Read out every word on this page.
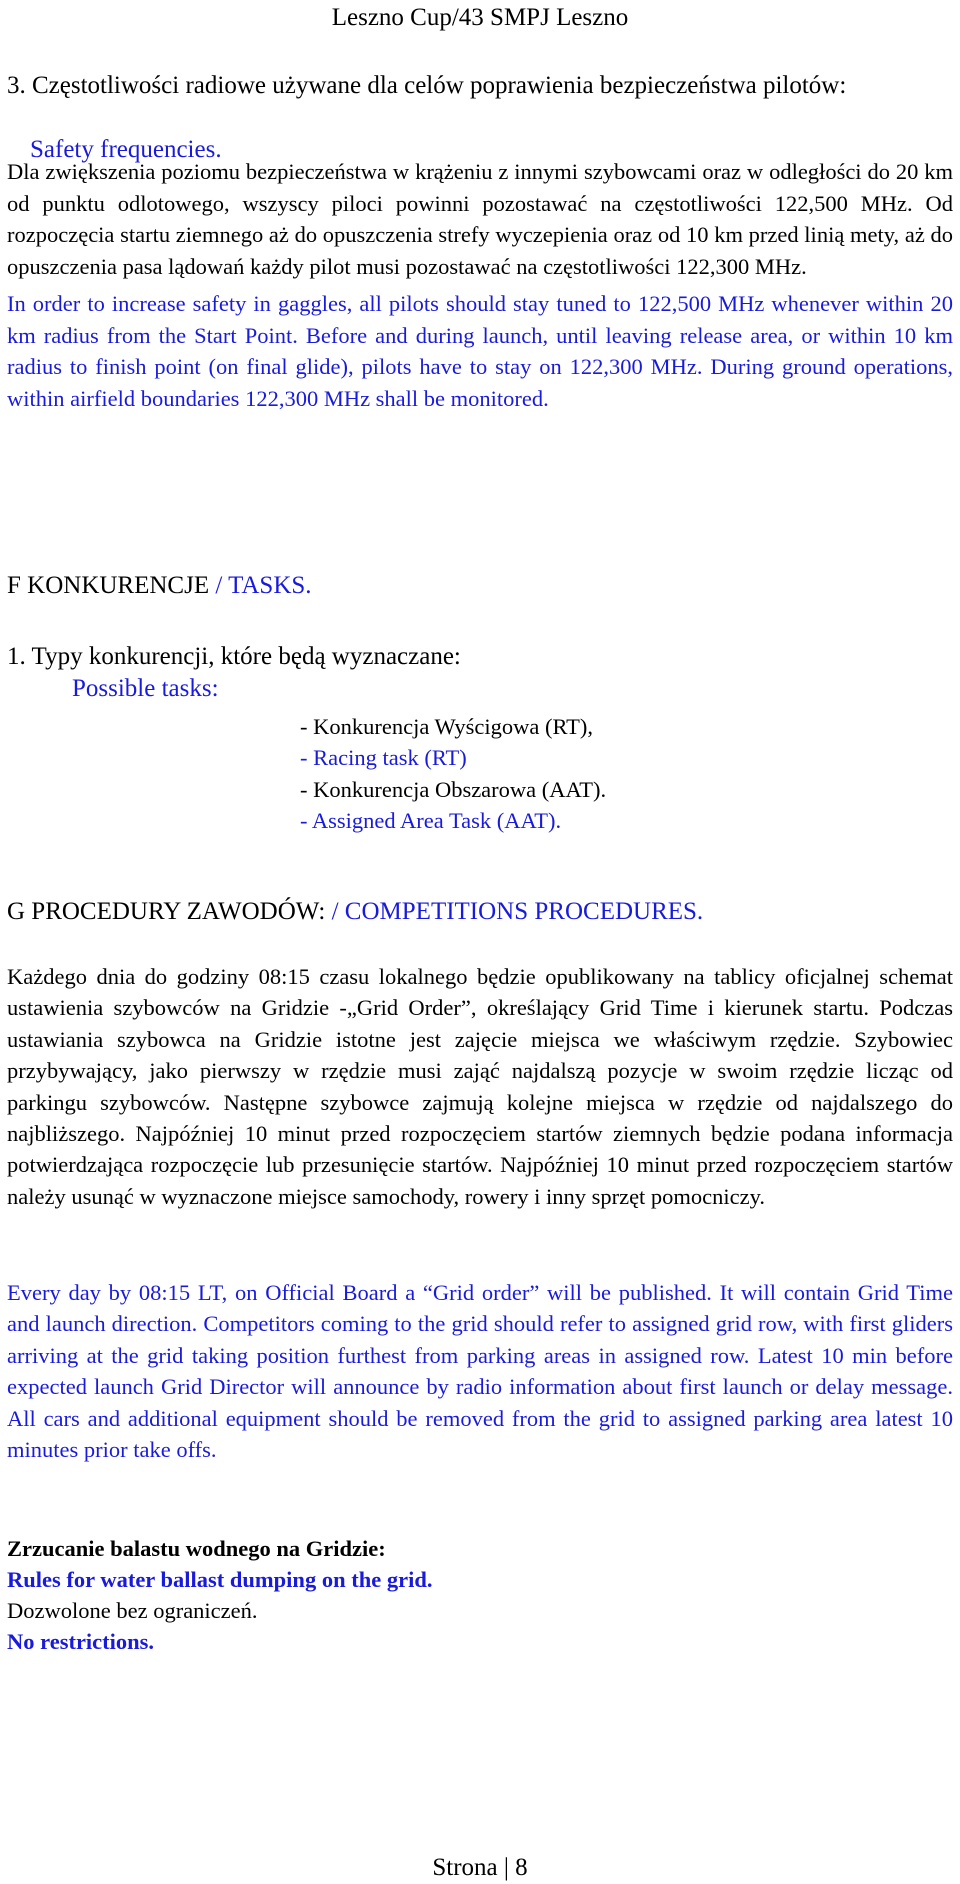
Leszno Cup/43 SMPJ Leszno
3. Częstotliwości radiowe używane dla celów poprawienia bezpieczeństwa pilotów:
Safety frequencies.
Dla zwiększenia poziomu bezpieczeństwa w krążeniu z innymi szybowcami oraz w odległości do 20 km od punktu odlotowego, wszyscy piloci powinni pozostawać na częstotliwości 122,500 MHz. Od rozpoczęcia startu ziemnego aż do opuszczenia strefy wyczepienia oraz od 10 km przed linią mety, aż do opuszczenia pasa lądowań każdy pilot musi pozostawać na częstotliwości 122,300 MHz.
In order to increase safety in gaggles, all pilots should stay tuned to 122,500 MHz whenever within 20 km radius from the Start Point. Before and during launch, until leaving release area, or within 10 km radius to finish point (on final glide), pilots have to stay on 122,300 MHz. During ground operations, within airfield boundaries 122,300 MHz shall be monitored.
F KONKURENCJE / TASKS.
1. Typy konkurencji, które będą wyznaczane:
Possible tasks:
- Konkurencja Wyścigowa (RT),
- Racing task (RT)
- Konkurencja Obszarowa (AAT).
- Assigned Area Task (AAT).
G PROCEDURY ZAWODÓW: / COMPETITIONS PROCEDURES.
Każdego dnia do godziny 08:15 czasu lokalnego będzie opublikowany na tablicy oficjalnej schemat ustawienia szybowców na Gridzie -„Grid Order”, określający Grid Time i kierunek startu. Podczas ustawiania szybowca na Gridzie istotne jest zajęcie miejsca we właściwym rzędzie. Szybowiec przybywający, jako pierwszy w rzędzie musi zająć najdalszą pozycje w swoim rzędzie licząc od parkingu szybowców. Następne szybowce zajmują kolejne miejsca w rzędzie od najdalszego do najbliższego. Najpóźniej 10 minut przed rozpoczęciem startów ziemnych będzie podana informacja potwierdzająca rozpoczęcie lub przesunięcie startów. Najpóźniej 10 minut przed rozpoczęciem startów należy usunąć w wyznaczone miejsce samochody, rowery i inny sprzęt pomocniczy.
Every day by 08:15 LT, on Official Board a “Grid order” will be published. It will contain Grid Time and launch direction. Competitors coming to the grid should refer to assigned grid row, with first gliders arriving at the grid taking position furthest from parking areas in assigned row. Latest 10 min before expected launch Grid Director will announce by radio information about first launch or delay message. All cars and additional equipment should be removed from the grid to assigned parking area latest 10 minutes prior take offs.
Zrzucanie balastu wodnego na Gridzie:
Rules for water ballast dumping on the grid.
Dozwolone bez ograniczeń.
No restrictions.
Strona | 8
